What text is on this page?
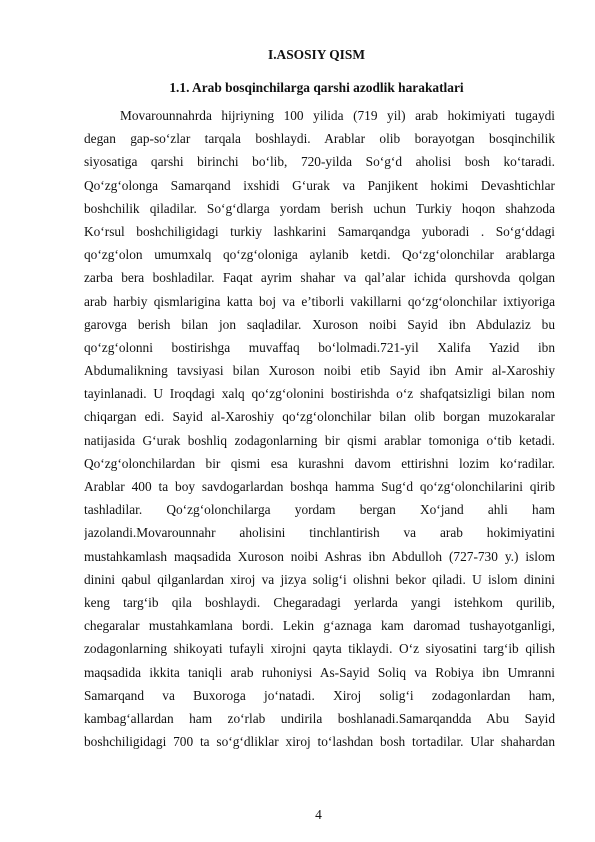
I.ASOSIY QISM
1.1. Arab bosqinchilarga qarshi azodlik harakatlari
Movarounnahrda hijriyning 100 yilida (719 yil) arab hokimiyati tugaydi
degan gap-so‘zlar tarqala boshlaydi. Arablar olib borayotgan bosqinchilik
siyosatiga qarshi birinchi bo‘lib, 720-yilda So‘g‘d aholisi bosh ko‘taradi.
Qo‘zg‘olonga Samarqand ixshidi G‘urak va Panjikent hokimi Devashtichlar
boshchilik qiladilar. So‘g‘dlarga yordam berish uchun Turkiy hoqon shahzoda
Ko‘rsul boshchiligidagi turkiy lashkarini Samarqandga yuboradi . So‘g‘ddagi
qo‘zg‘olon umumxalq qo‘zg‘oloniga aylanib ketdi. Qo‘zg‘olonchilar arablarga
zarba bera boshladilar. Faqat ayrim shahar va qal’alar ichida qurshovda qolgan
arab harbiy qismlarigina katta boj va e’tiborli vakillarni qo‘zg‘olonchilar ixtiyoriga
garovga berish bilan jon saqladilar. Xuroson noibi Sayid ibn Abdulaziz bu
qo‘zg‘olonni bostirishga muvaffaq bo‘lolmadi.721-yil Xalifa Yazid ibn
Abdumalikning tavsiyasi bilan Xuroson noibi etib Sayid ibn Amir al-Xaroshiy
tayinlanadi. U Iroqdagi xalq qo‘zg‘olonini bostirishda o‘z shafqatsizligi bilan nom
chiqargan edi. Sayid al-Xaroshiy qo‘zg‘olonchilar bilan olib borgan muzokaralar
natijasida G‘urak boshliq zodagonlarning bir qismi arablar tomoniga o‘tib ketadi.
Qo‘zg‘olonchilardan bir qismi esa kurashni davom ettirishni lozim ko‘radilar.
Arablar 400 ta boy savdogarlardan boshqa hamma Sug‘d qo‘zg‘olonchilarini qirib
tashladilar. Qo‘zg‘olonchilarga yordam bergan Xo‘jand ahli ham
jazolandi.Movarounnahr aholisini tinchlantirish va arab hokimiyatini
mustahkamlash maqsadida Xuroson noibi Ashras ibn Abdulloh (727-730 y.) islom
dinini qabul qilganlardan xiroj va jizya solig‘i olishni bekor qiladi. U islom dinini
keng targ‘ib qila boshlaydi. Chegaradagi yerlarda yangi istehkom qurilib,
chegaralar mustahkamlana bordi. Lekin g‘aznaga kam daromad tushayotganligi,
zodagonlarning shikoyati tufayli xirojni qayta tiklaydi. O‘z siyosatini targ‘ib qilish
maqsadida ikkita taniqli arab ruhoniysi As-Sayid Soliq va Robiya ibn Umranni
Samarqand va Buxoroga jo‘natadi. Xiroj solig‘i zodagonlardan ham,
kambag‘allardan ham zo‘rlab undirila boshlanadi.Samarqandda Abu Sayid
boshchiligidagi 700 ta so‘g‘dliklar xiroj to‘lashdan bosh tortadilar. Ular shahardan
4
